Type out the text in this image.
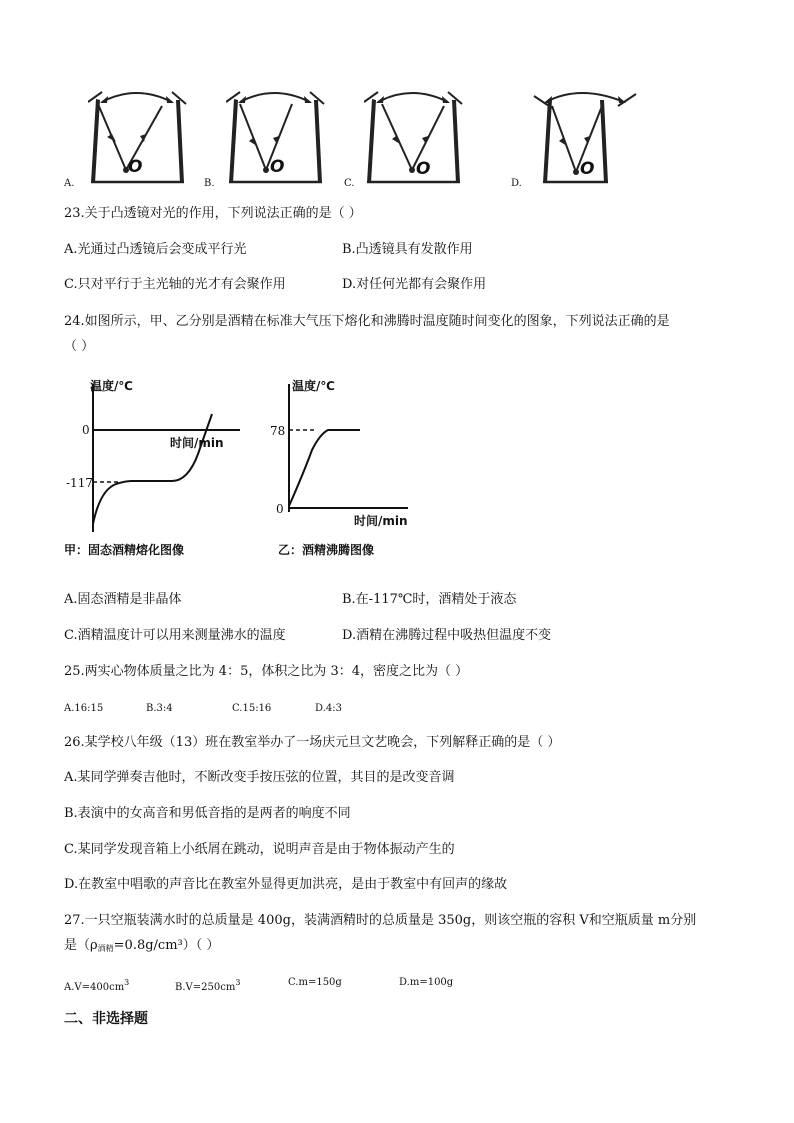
O	O	O	O
A.	B.	C.	D.
23.关于凸透镜对光的作用，下列说法正确的是（ ）
A.光通过凸透镜后会变成平行光	B.凸透镜具有发散作用
C.只对平行于主光轴的光才有会聚作用	D.对任何光都有会聚作用
24.如图所示，甲、乙分别是酒精在标准大气压下熔化和沸腾时温度随时间变化的图象，下列说法正确的是
（ ）
温度/℃
0
时间/min
-117
甲：固态酒精熔化图像
温度/℃
78
0
时间/min
乙：酒精沸腾图像
A.固态酒精是非晶体	B.在-117℃时，酒精处于液态
C.酒精温度计可以用来测量沸水的温度	D.酒精在沸腾过程中吸热但温度不变
25.两实心物体质量之比为 4：5，体积之比为 3：4，密度之比为（ ）
A.16:15	B.3:4	C.15:16	D.4:3
26.某学校八年级（13）班在教室举办了一场庆元旦文艺晚会，下列解释正确的是（ ）
A.某同学弹奏吉他时，不断改变手按压弦的位置，其目的是改变音调
B.表演中的女高音和男低音指的是两者的响度不同
C.某同学发现音箱上小纸屑在跳动，说明声音是由于物体振动产生的
D.在教室中唱歌的声音比在教室外显得更加洪亮，是由于教室中有回声的缘故
27.一只空瓶装满水时的总质量是 400g，装满酒精时的总质量是 350g，则该空瓶的容积 V和空瓶质量 m分别
是$(\rho_{酒精}=0.8g/cm^3)$（ ）
$A.V=400cm^3$	$B.V=250cm^3$	C.m=150g	D.m=100g
二、非选择题
